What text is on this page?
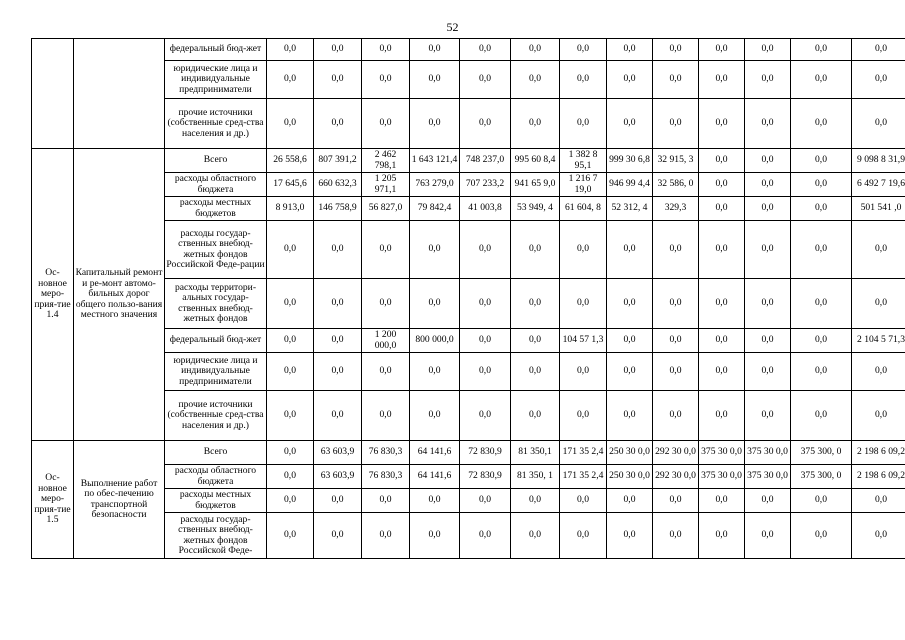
52
		федеральный бюд-жет	0,0	0,0	0,0	0,0	0,0	0,0	0,0	0,0	0,0	0,0	0,0	0,0	0,0
		юридические лица и индивидуальные предприниматели	0,0	0,0	0,0	0,0	0,0	0,0	0,0	0,0	0,0	0,0	0,0	0,0	0,0
		прочие источники (собственные сред-ства населения и др.)	0,0	0,0	0,0	0,0	0,0	0,0	0,0	0,0	0,0	0,0	0,0	0,0	0,0
Ос-новное меро-прия-тие 1.4	Капитальный ремонт и ре-монт автомо-бильных дорог общего пользо-вания местного значения	Всего	26 558,6	807 391,2	2 462 798,1	1 643 121,4	748 237,0	995 60 8,4	1 382 8 95,1	999 30 6,8	32 915, 3	0,0	0,0	0,0	9 098 8 31,9
		расходы областного бюджета	17 645,6	660 632,3	1 205 971,1	763 279,0	707 233,2	941 65 9,0	1 216 7 19,0	946 99 4,4	32 586, 0	0,0	0,0	0,0	6 492 7 19,6
		расходы местных бюджетов	8 913,0	146 758,9	56 827,0	79 842,4	41 003,8	53 949, 4	61 604, 8	52 312, 4	329,3	0,0	0,0	0,0	501 541 ,0
		расходы государ-ственных внебюд-жетных фондов Российской Феде-рации	0,0	0,0	0,0	0,0	0,0	0,0	0,0	0,0	0,0	0,0	0,0	0,0	0,0
		расходы территори-альных государ-ственных внебюд-жетных фондов	0,0	0,0	0,0	0,0	0,0	0,0	0,0	0,0	0,0	0,0	0,0	0,0	0,0
		федеральный бюд-жет	0,0	0,0	1 200 000,0	800 000,0	0,0	0,0	104 57 1,3	0,0	0,0	0,0	0,0	0,0	2 104 5 71,3
		юридические лица и индивидуальные предприниматели	0,0	0,0	0,0	0,0	0,0	0,0	0,0	0,0	0,0	0,0	0,0	0,0	0,0
		прочие источники (собственные сред-ства населения и др.)	0,0	0,0	0,0	0,0	0,0	0,0	0,0	0,0	0,0	0,0	0,0	0,0	0,0
Ос-новное меро-прия-тие 1.5	Выполнение работ по обес-печению транспортной безопасности	Всего	0,0	63 603,9	76 830,3	64 141,6	72 830,9	81 350,1	171 35 2,4	250 30 0,0	292 30 0,0	375 30 0,0	375 30 0,0	375 300, 0	2 198 6 09,2
		расходы областного бюджета	0,0	63 603,9	76 830,3	64 141,6	72 830,9	81 350, 1	171 35 2,4	250 30 0,0	292 30 0,0	375 30 0,0	375 30 0,0	375 300, 0	2 198 6 09,2
		расходы местных бюджетов	0,0	0,0	0,0	0,0	0,0	0,0	0,0	0,0	0,0	0,0	0,0	0,0	0,0
		расходы государ-ственных внебюд-жетных фондов Российской Феде-	0,0	0,0	0,0	0,0	0,0	0,0	0,0	0,0	0,0	0,0	0,0	0,0	0,0
